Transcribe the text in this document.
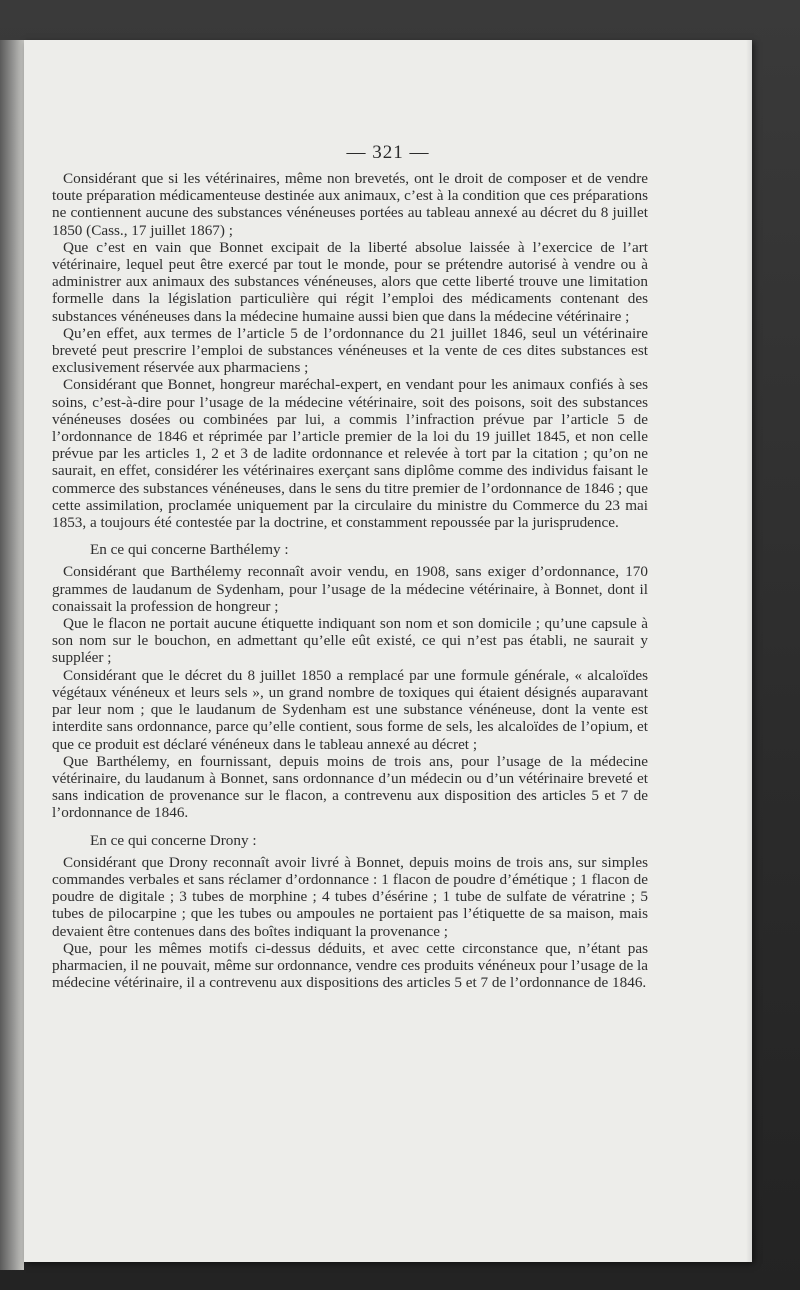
— 321 —

Considérant que si les vétérinaires, même non brevetés, ont le droit de composer et de vendre toute préparation médicamenteuse destinée aux animaux, c’est à la condition que ces préparations ne contiennent aucune des substances vénéneuses portées au tableau annexé au décret du 8 juillet 1850 (Cass., 17 juillet 1867) ;

Que c’est en vain que Bonnet excipait de la liberté absolue laissée à l’exercice de l’art vétérinaire, lequel peut être exercé par tout le monde, pour se prétendre autorisé à vendre ou à administrer aux animaux des substances vénéneuses, alors que cette liberté trouve une limitation formelle dans la législation particulière qui régit l’emploi des médicaments contenant des substances vénéneuses dans la médecine humaine aussi bien que dans la médecine vétérinaire ;

Qu’en effet, aux termes de l’article 5 de l’ordonnance du 21 juillet 1846, seul un vétérinaire breveté peut prescrire l’emploi de substances vénéneuses et la vente de ces dites substances est exclusivement réservée aux pharmaciens ;

Considérant que Bonnet, hongreur maréchal-expert, en vendant pour les animaux confiés à ses soins, c’est-à-dire pour l’usage de la médecine vétérinaire, soit des poisons, soit des substances vénéneuses dosées ou combinées par lui, a commis l’infraction prévue par l’article 5 de l’ordonnance de 1846 et réprimée par l’article premier de la loi du 19 juillet 1845, et non celle prévue par les articles 1, 2 et 3 de ladite ordonnance et relevée à tort par la citation ; qu’on ne saurait, en effet, considérer les vétérinaires exerçant sans diplôme comme des individus faisant le commerce des substances vénéneuses, dans le sens du titre premier de l’ordonnance de 1846 ; que cette assimilation, proclamée uniquement par la circulaire du ministre du Commerce du 23 mai 1853, a toujours été contestée par la doctrine, et constamment repoussée par la jurisprudence.

En ce qui concerne Barthélemy :

Considérant que Barthélemy reconnaît avoir vendu, en 1908, sans exiger d’ordonnance, 170 grammes de laudanum de Sydenham, pour l’usage de la médecine vétérinaire, à Bonnet, dont il conaissait la profession de hongreur ;

Que le flacon ne portait aucune étiquette indiquant son nom et son domicile ; qu’une capsule à son nom sur le bouchon, en admettant qu’elle eût existé, ce qui n’est pas établi, ne saurait y suppléer ;

Considérant que le décret du 8 juillet 1850 a remplacé par une formule générale, « alcaloïdes végétaux vénéneux et leurs sels », un grand nombre de toxiques qui étaient désignés auparavant par leur nom ; que le laudanum de Sydenham est une substance vénéneuse, dont la vente est interdite sans ordonnance, parce qu’elle contient, sous forme de sels, les alcaloïdes de l’opium, et que ce produit est déclaré vénéneux dans le tableau annexé au décret ;

Que Barthélemy, en fournissant, depuis moins de trois ans, pour l’usage de la médecine vétérinaire, du laudanum à Bonnet, sans ordonnance d’un médecin ou d’un vétérinaire breveté et sans indication de provenance sur le flacon, a contrevenu aux disposition des articles 5 et 7 de l’ordonnance de 1846.

En ce qui concerne Drony :

Considérant que Drony reconnaît avoir livré à Bonnet, depuis moins de trois ans, sur simples commandes verbales et sans réclamer d’ordonnance : 1 flacon de poudre d’émétique ; 1 flacon de poudre de digitale ; 3 tubes de morphine ; 4 tubes d’ésérine ; 1 tube de sulfate de vératrine ; 5 tubes de pilocarpine ; que les tubes ou ampoules ne portaient pas l’étiquette de sa maison, mais devaient être contenues dans des boîtes indiquant la provenance ;

Que, pour les mêmes motifs ci-dessus déduits, et avec cette circonstance que, n’étant pas pharmacien, il ne pouvait, même sur ordonnance, vendre ces produits vénéneux pour l’usage de la médecine vétérinaire, il a contrevenu aux dispositions des articles 5 et 7 de l’ordonnance de 1846.
